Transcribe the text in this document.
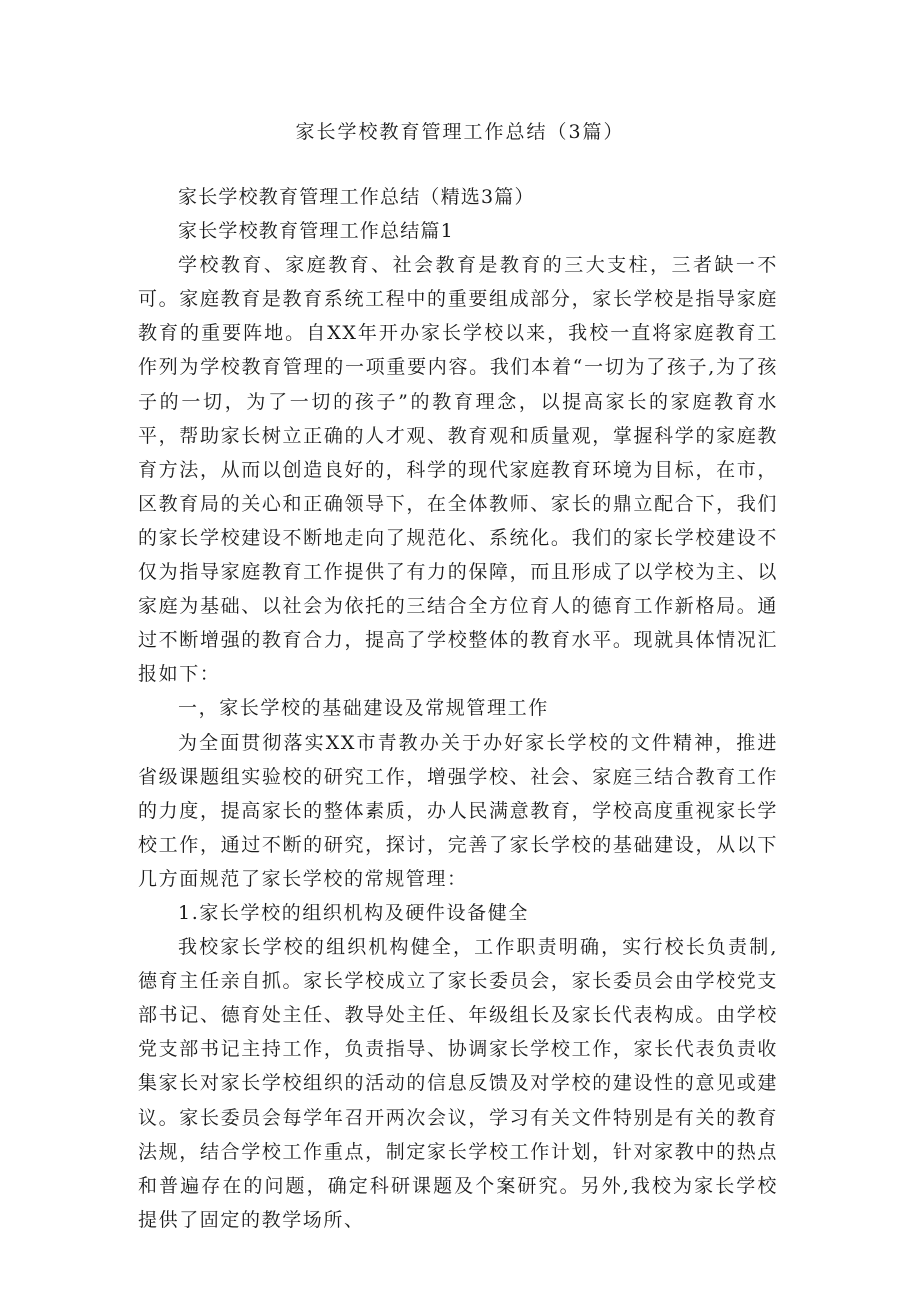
家长学校教育管理工作总结（3篇）

家长学校教育管理工作总结（精选3篇）

家长学校教育管理工作总结篇1

学校教育、家庭教育、社会教育是教育的三大支柱，三者缺一不可。家庭教育是教育系统工程中的重要组成部分，家长学校是指导家庭教育的重要阵地。自XX年开办家长学校以来，我校一直将家庭教育工作列为学校教育管理的一项重要内容。我们本着“一切为了孩子,为了孩子的一切，为了一切的孩子”的教育理念，以提高家长的家庭教育水平，帮助家长树立正确的人才观、教育观和质量观，掌握科学的家庭教育方法，从而以创造良好的，科学的现代家庭教育环境为目标，在市，区教育局的关心和正确领导下，在全体教师、家长的鼎立配合下，我们的家长学校建设不断地走向了规范化、系统化。我们的家长学校建设不仅为指导家庭教育工作提供了有力的保障，而且形成了以学校为主、以家庭为基础、以社会为依托的三结合全方位育人的德育工作新格局。通过不断增强的教育合力，提高了学校整体的教育水平。现就具体情况汇报如下：

一，家长学校的基础建设及常规管理工作

为全面贯彻落实XX市青教办关于办好家长学校的文件精神，推进省级课题组实验校的研究工作，增强学校、社会、家庭三结合教育工作的力度，提高家长的整体素质，办人民满意教育，学校高度重视家长学校工作，通过不断的研究，探讨，完善了家长学校的基础建设，从以下几方面规范了家长学校的常规管理：

1.家长学校的组织机构及硬件设备健全

我校家长学校的组织机构健全，工作职责明确，实行校长负责制,德育主任亲自抓。家长学校成立了家长委员会，家长委员会由学校党支部书记、德育处主任、教导处主任、年级组长及家长代表构成。由学校党支部书记主持工作，负责指导、协调家长学校工作，家长代表负责收集家长对家长学校组织的活动的信息反馈及对学校的建设性的意见或建议。家长委员会每学年召开两次会议，学习有关文件特别是有关的教育法规，结合学校工作重点，制定家长学校工作计划，针对家教中的热点和普遍存在的问题，确定科研课题及个案研究。另外,我校为家长学校提供了固定的教学场所、
